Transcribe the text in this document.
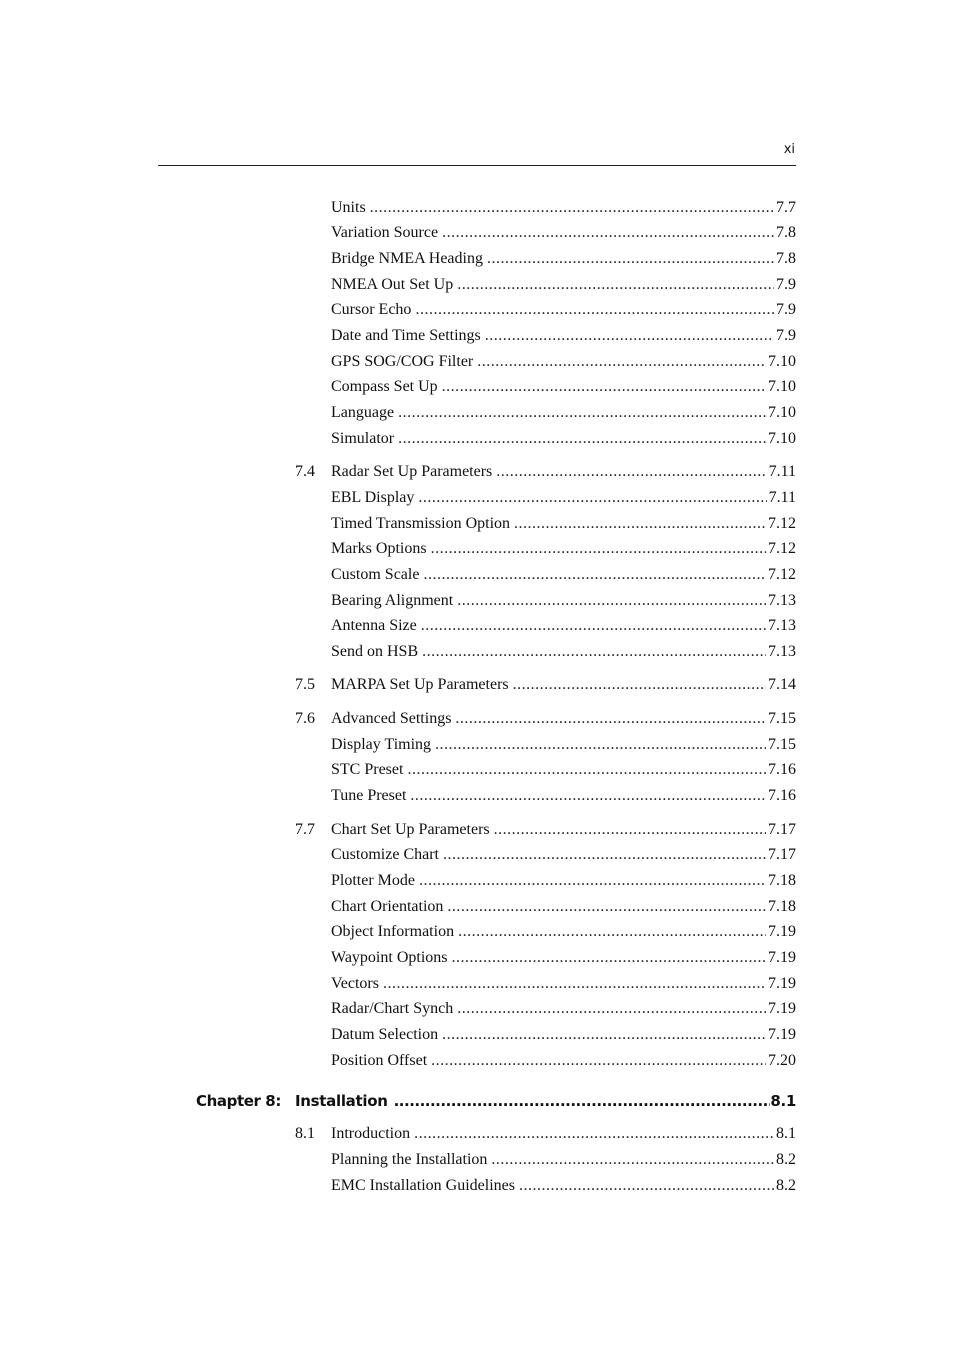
xi
Units .....	7.7
Variation Source .....	7.8
Bridge NMEA Heading .....	7.8
NMEA Out Set Up .....	7.9
Cursor Echo .....	7.9
Date and Time Settings .....	7.9
GPS SOG/COG Filter .....	7.10
Compass Set Up .....	7.10
Language .....	7.10
Simulator .....	7.10
7.4 Radar Set Up Parameters .....	7.11
EBL Display .....	7.11
Timed Transmission Option .....	7.12
Marks Options .....	7.12
Custom Scale .....	7.12
Bearing Alignment .....	7.13
Antenna Size .....	7.13
Send on HSB .....	7.13
7.5 MARPA Set Up Parameters .....	7.14
7.6 Advanced Settings .....	7.15
Display Timing .....	7.15
STC Preset .....	7.16
Tune Preset .....	7.16
7.7 Chart Set Up Parameters .....	7.17
Customize Chart .....	7.17
Plotter Mode .....	7.18
Chart Orientation .....	7.18
Object Information .....	7.19
Waypoint Options .....	7.19
Vectors .....	7.19
Radar/Chart Synch .....	7.19
Datum Selection .....	7.19
Position Offset .....	7.20
Chapter 8: Installation .....	8.1
8.1 Introduction .....	8.1
Planning the Installation .....	8.2
EMC Installation Guidelines .....	8.2
